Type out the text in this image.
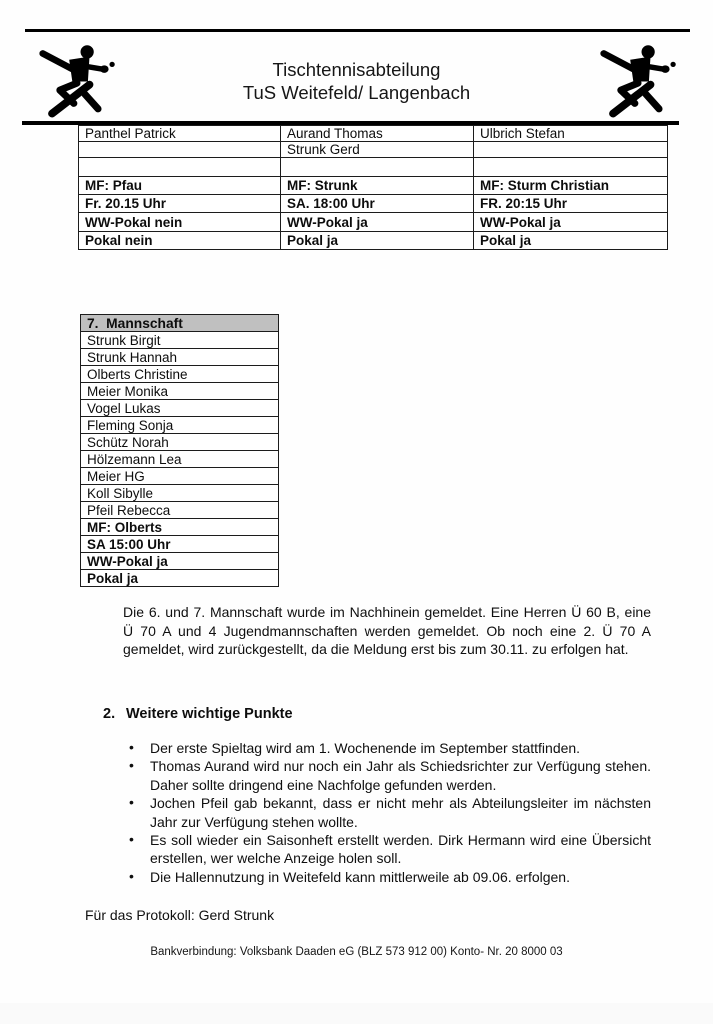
Tischtennisabteilung
TuS Weitefeld/ Langenbach
Panthel Patrick	Aurand Thomas	Ulbrich Stefan
	Strunk Gerd	

MF: Pfau	MF: Strunk	MF: Sturm Christian
Fr. 20.15 Uhr	SA. 18:00 Uhr	FR. 20:15 Uhr
WW-Pokal nein	WW-Pokal ja	WW-Pokal ja
Pokal nein	Pokal ja	Pokal ja
7.  Mannschaft
Strunk Birgit
Strunk Hannah
Olberts Christine
Meier Monika
Vogel Lukas
Fleming Sonja
Schütz Norah
Hölzemann Lea
Meier HG
Koll Sibylle
Pfeil Rebecca
MF: Olberts
SA 15:00 Uhr
WW-Pokal ja
Pokal ja

Die 6. und 7. Mannschaft wurde im Nachhinein gemeldet. Eine Herren Ü 60 B, eine Ü 70 A und 4 Jugendmannschaften werden gemeldet. Ob noch eine 2. Ü 70 A gemeldet, wird zurückgestellt, da die Meldung erst bis zum 30.11. zu erfolgen hat.

2. Weitere wichtige Punkte
• Der erste Spieltag wird am 1. Wochenende im September stattfinden.
• Thomas Aurand wird nur noch ein Jahr als Schiedsrichter zur Verfügung stehen. Daher sollte dringend eine Nachfolge gefunden werden.
• Jochen Pfeil gab bekannt, dass er nicht mehr als Abteilungsleiter im nächsten Jahr zur Verfügung stehen wollte.
• Es soll wieder ein Saisonheft erstellt werden. Dirk Hermann wird eine Übersicht erstellen, wer welche Anzeige holen soll.
• Die Hallennutzung in Weitefeld kann mittlerweile ab 09.06. erfolgen.
Für das Protokoll: Gerd Strunk
Bankverbindung: Volksbank Daaden eG (BLZ 573 912 00) Konto- Nr. 20 8000 03
